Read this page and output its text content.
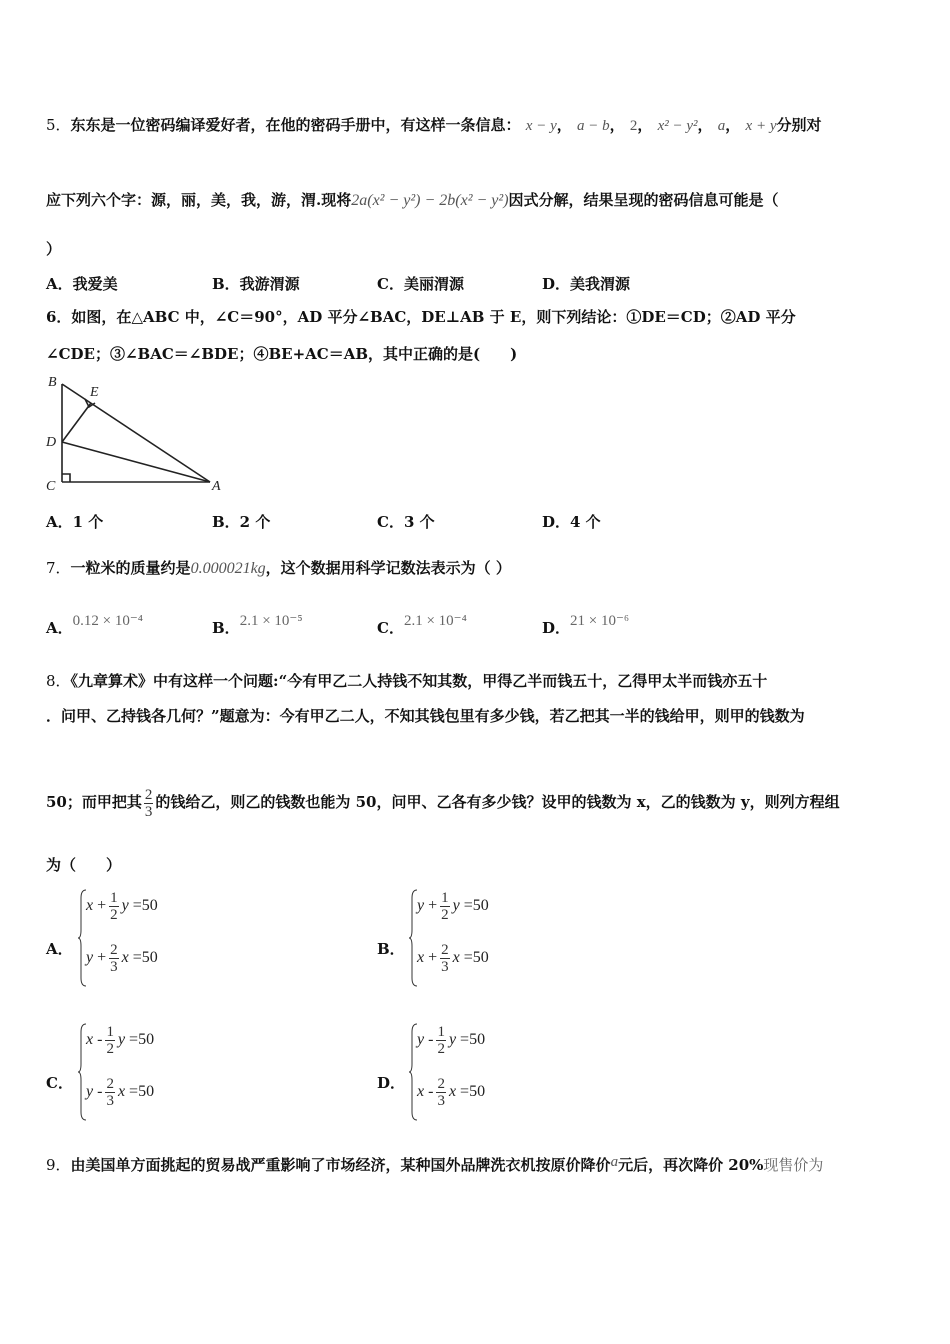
5．东东是一位密码编译爱好者，在他的密码手册中，有这样一条信息： x − y， a − b， 2， x² − y²， a， x + y分别对
应下列六个字：源，丽，美，我，游，渭.现将2a(x² − y²) − 2b(x² − y²)因式分解，结果呈现的密码信息可能是（
）
A．我爱美	B．我游渭源	C．美丽渭源	D．美我渭源
6．如图，在△ABC 中，∠C＝90°，AD 平分∠BAC，DE⊥AB 于 E，则下列结论：①DE＝CD；②AD 平分
∠CDE；③∠BAC＝∠BDE；④BE+AC＝AB，其中正确的是(　　)
B
E
D
C	A
A．1 个	B．2 个	C．3 个	D．4 个
7．一粒米的质量约是0.000021kg，这个数据用科学记数法表示为（ ）
A．0.12 × 10⁻⁴	B．2.1 × 10⁻⁵	C．2.1 × 10⁻⁴	D．21 × 10⁻⁶
8．《九章算术》中有这样一个问题:“今有甲乙二人持钱不知其数，甲得乙半而钱五十，乙得甲太半而钱亦五十
．问甲、乙持钱各几何？”题意为：今有甲乙二人，不知其钱包里有多少钱，若乙把其一半的钱给甲，则甲的钱数为
50；而甲把其 $\frac{2}{3}$ 的钱给乙，则乙的钱数也能为 50，问甲、乙各有多少钱？设甲的钱数为 x，乙的钱数为 y，则列方程组
为（　　）
A．
$x + \frac{1}{2}$ y =50
$y + \frac{2}{3}$ x =50	B．
$y + \frac{1}{2}$ y =50
$x + \frac{2}{3}$ x =50
C．
x - $\frac{1}{2}$ y =50
y - $\frac{2}{3}$ x =50	D．
y - $\frac{1}{2}$ y =50
x - $\frac{2}{3}$ x =50
9．由美国单方面挑起的贸易战严重影响了市场经济，某种国外品牌洗衣机按原价降价a元后，再次降价 20%现售价为
